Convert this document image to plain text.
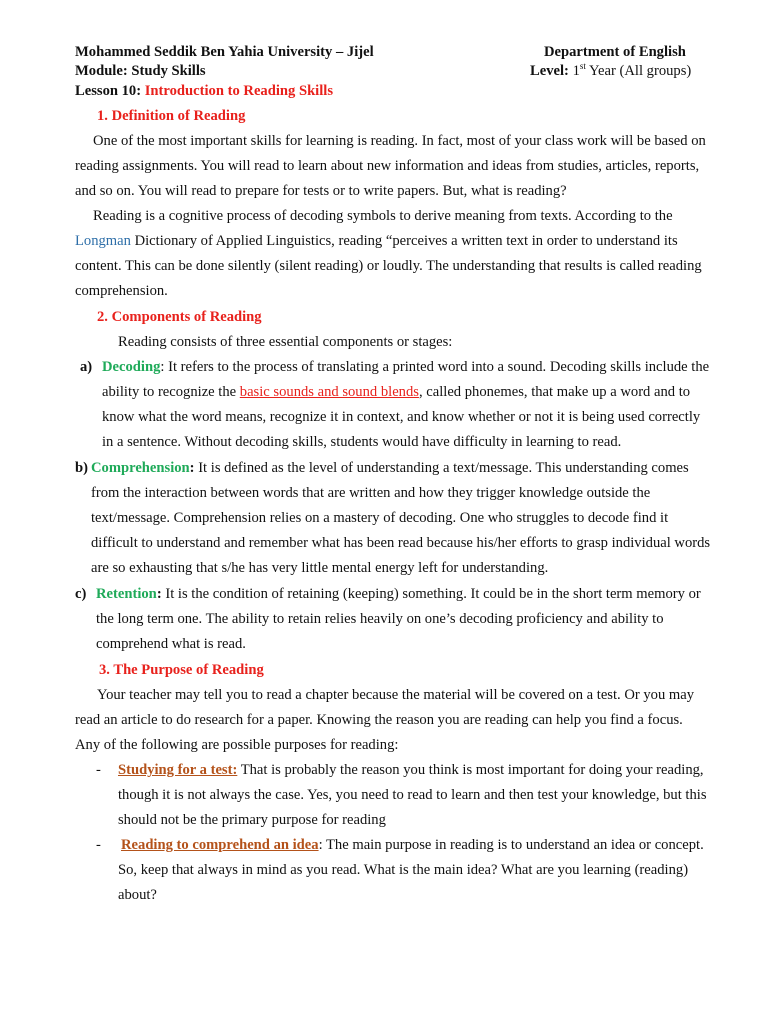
Mohammed Seddik Ben Yahia University – Jijel	Department of English
Module: Study Skills	Level: 1st Year (All groups)
Lesson 10: Introduction to Reading Skills
1. Definition of Reading
One of the most important skills for learning is reading. In fact, most of your class work will be based on
reading assignments. You will read to learn about new information and ideas from studies, articles, reports,
and so on. You will read to prepare for tests or to write papers. But, what is reading?
Reading is a cognitive process of decoding symbols to derive meaning from texts. According to the
Longman Dictionary of Applied Linguistics, reading “perceives a written text in order to understand its
content. This can be done silently (silent reading) or loudly. The understanding that results is called reading
comprehension.
2. Components of Reading
Reading consists of three essential components or stages:
a) Decoding: It refers to the process of translating a printed word into a sound. Decoding skills include the
ability to recognize the basic sounds and sound blends, called phonemes, that make up a word and to
know what the word means, recognize it in context, and know whether or not it is being used correctly
in a sentence. Without decoding skills, students would have difficulty in learning to read.
b) Comprehension: It is defined as the level of understanding a text/message. This understanding comes
from the interaction between words that are written and how they trigger knowledge outside the
text/message. Comprehension relies on a mastery of decoding. One who struggles to decode find it
difficult to understand and remember what has been read because his/her efforts to grasp individual words
are so exhausting that s/he has very little mental energy left for understanding.
c) Retention: It is the condition of retaining (keeping) something. It could be in the short term memory or
the long term one. The ability to retain relies heavily on one’s decoding proficiency and ability to
comprehend what is read.
3. The Purpose of Reading
Your teacher may tell you to read a chapter because the material will be covered on a test. Or you may
read an article to do research for a paper. Knowing the reason you are reading can help you find a focus.
Any of the following are possible purposes for reading:
- Studying for a test: That is probably the reason you think is most important for doing your reading,
though it is not always the case. Yes, you need to read to learn and then test your knowledge, but this
should not be the primary purpose for reading
- Reading to comprehend an idea: The main purpose in reading is to understand an idea or concept.
So, keep that always in mind as you read. What is the main idea? What are you learning (reading)
about?
